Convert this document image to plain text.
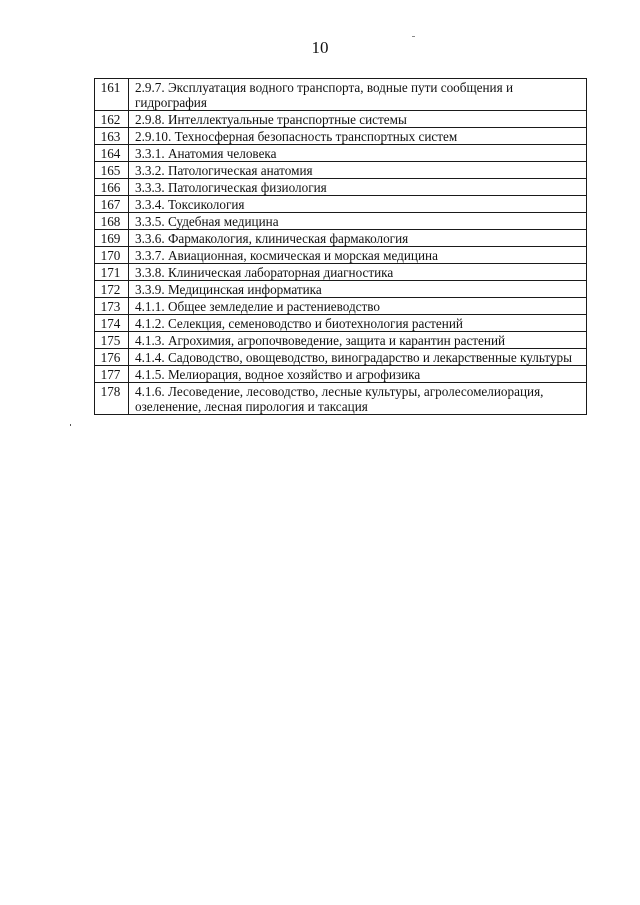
10
161	2.9.7. Эксплуатация водного транспорта, водные пути сообщения и гидрография
162	2.9.8. Интеллектуальные транспортные системы
163	2.9.10. Техносферная безопасность транспортных систем
164	3.3.1. Анатомия человека
165	3.3.2. Патологическая анатомия
166	3.3.3. Патологическая физиология
167	3.3.4. Токсикология
168	3.3.5. Судебная медицина
169	3.3.6. Фармакология, клиническая фармакология
170	3.3.7. Авиационная, космическая и морская медицина
171	3.3.8. Клиническая лабораторная диагностика
172	3.3.9. Медицинская информатика
173	4.1.1. Общее земледелие и растениеводство
174	4.1.2. Селекция, семеноводство и биотехнология растений
175	4.1.3. Агрохимия, агропочвоведение, защита и карантин растений
176	4.1.4. Садоводство, овощеводство, виноградарство и лекарственные культуры
177	4.1.5. Мелиорация, водное хозяйство и агрофизика
178	4.1.6. Лесоведение, лесоводство, лесные культуры, агролесомелиорация, озеленение, лесная пирология и таксация
